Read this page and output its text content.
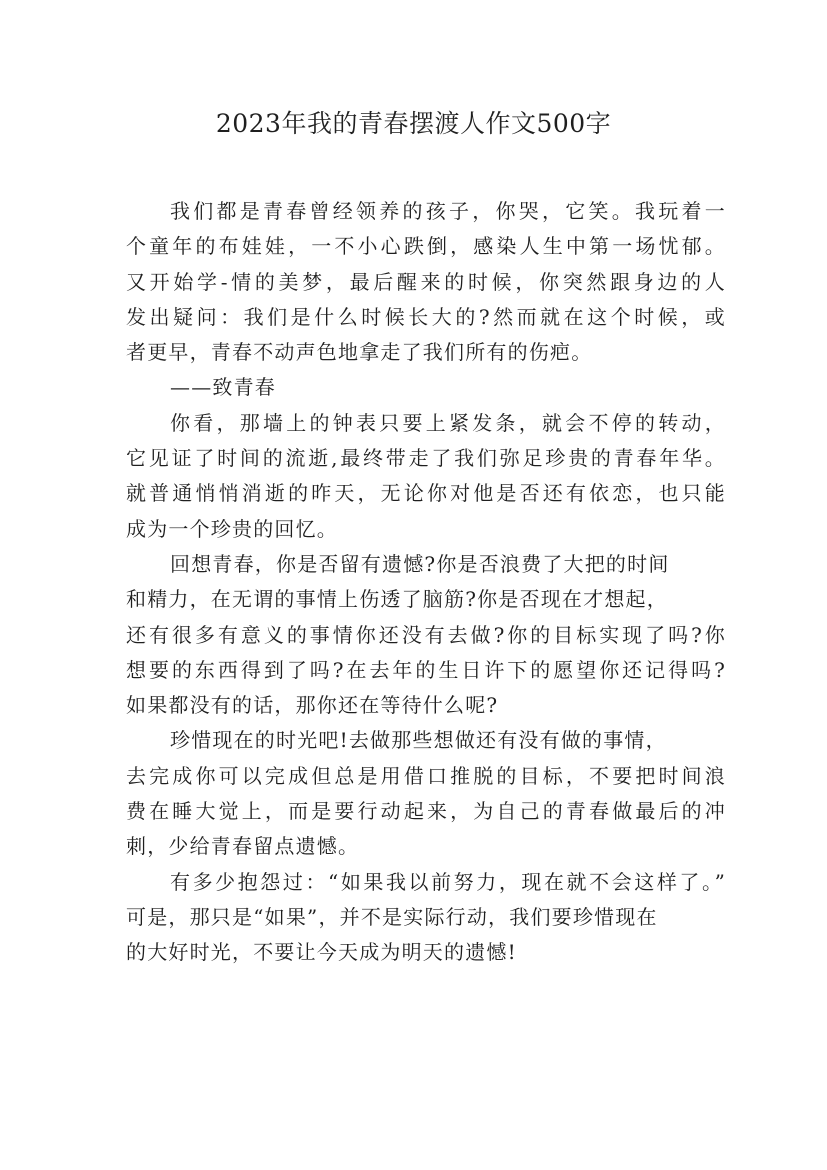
2023年我的青春摆渡人作文500字
我们都是青春曾经领养的孩子，你哭，它笑。我玩着一
个童年的布娃娃，一不小心跌倒，感染人生中第一场忧郁。
又开始学-情的美梦，最后醒来的时候，你突然跟身边的人
发出疑问：我们是什么时候长大的?然而就在这个时候，或
者更早，青春不动声色地拿走了我们所有的伤疤。
——致青春
你看，那墙上的钟表只要上紧发条，就会不停的转动，
它见证了时间的流逝,最终带走了我们弥足珍贵的青春年华。
就普通悄悄消逝的昨天，无论你对他是否还有依恋，也只能
成为一个珍贵的回忆。
回想青春，你是否留有遗憾?你是否浪费了大把的时间
和精力，在无谓的事情上伤透了脑筋?你是否现在才想起，
还有很多有意义的事情你还没有去做?你的目标实现了吗?你
想要的东西得到了吗?在去年的生日许下的愿望你还记得吗?
如果都没有的话，那你还在等待什么呢?
珍惜现在的时光吧!去做那些想做还有没有做的事情，
去完成你可以完成但总是用借口推脱的目标，不要把时间浪
费在睡大觉上，而是要行动起来，为自己的青春做最后的冲
刺，少给青春留点遗憾。
有多少抱怨过：“如果我以前努力，现在就不会这样了。”
可是，那只是“如果”，并不是实际行动，我们要珍惜现在
的大好时光，不要让今天成为明天的遗憾!
